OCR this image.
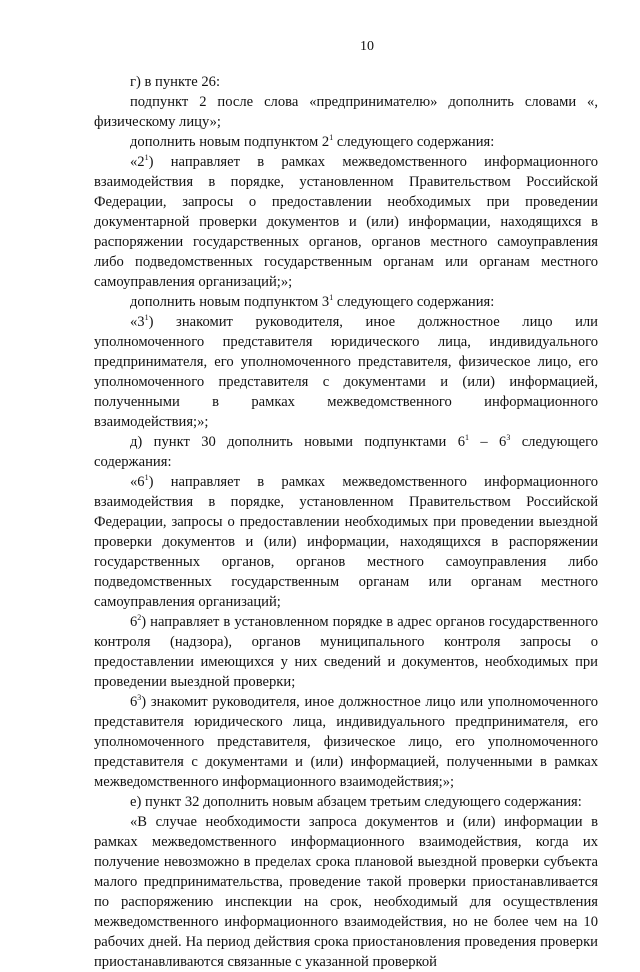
10

г) в пункте 26:

подпункт 2 после слова «предпринимателю» дополнить словами «, физическому лицу»;

дополнить новым подпунктом $2^1$ следующего содержания:

«$2^1$) направляет в рамках межведомственного информационного взаимодействия в порядке, установленном Правительством Российской Федерации, запросы о предоставлении необходимых при проведении документарной проверки документов и (или) информации, находящихся в распоряжении государственных органов, органов местного самоуправления либо подведомственных государственным органам или органам местного самоуправления организаций;»;

дополнить новым подпунктом $3^1$ следующего содержания:

«$3^1$) знакомит руководителя, иное должностное лицо или уполномоченного представителя юридического лица, индивидуального предпринимателя, его уполномоченного представителя, физическое лицо, его уполномоченного представителя с документами и (или) информацией, полученными в рамках межведомственного информационного взаимодействия;»;

д) пункт 30 дополнить новыми подпунктами $6^1 - 6^3$ следующего содержания:

«$6^1$) направляет в рамках межведомственного информационного взаимодействия в порядке, установленном Правительством Российской Федерации, запросы о предоставлении необходимых при проведении выездной проверки документов и (или) информации, находящихся в распоряжении государственных органов, органов местного самоуправления либо подведомственных государственным органам или органам местного самоуправления организаций;

$6^2$) направляет в установленном порядке в адрес органов государственного контроля (надзора), органов муниципального контроля запросы о предоставлении имеющихся у них сведений и документов, необходимых при проведении выездной проверки;

$6^3$) знакомит руководителя, иное должностное лицо или уполномоченного представителя юридического лица, индивидуального предпринимателя, его уполномоченного представителя, физическое лицо, его уполномоченного представителя с документами и (или) информацией, полученными в рамках межведомственного информационного взаимодействия;»;

е) пункт 32 дополнить новым абзацем третьим следующего содержания:

«В случае необходимости запроса документов и (или) информации в рамках межведомственного информационного взаимодействия, когда их получение невозможно в пределах срока плановой выездной проверки субъекта малого предпринимательства, проведение такой проверки приостанавливается по распоряжению инспекции на срок, необходимый для осуществления межведомственного информационного взаимодействия, но не более чем на 10 рабочих дней. На период действия срока приостановления проведения проверки приостанавливаются связанные с указанной проверкой
